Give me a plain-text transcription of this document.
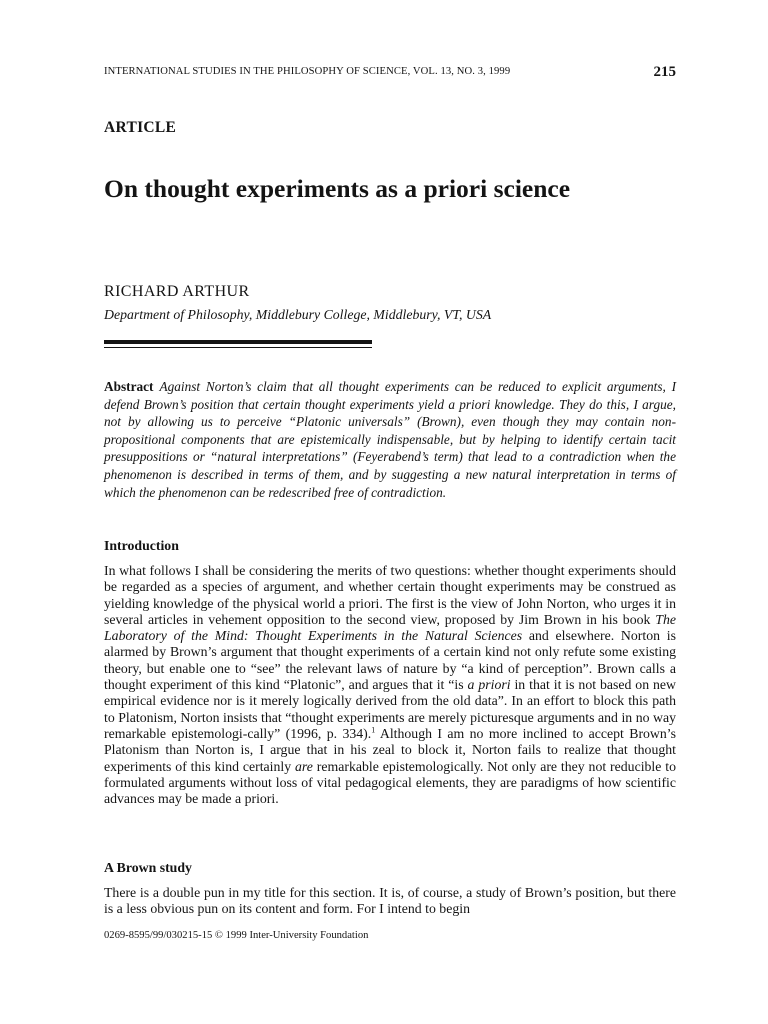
INTERNATIONAL STUDIES IN THE PHILOSOPHY OF SCIENCE, VOL. 13, NO. 3, 1999	215
ARTICLE
On thought experiments as a priori science
RICHARD ARTHUR
Department of Philosophy, Middlebury College, Middlebury, VT, USA

Abstract Against Norton’s claim that all thought experiments can be reduced to explicit arguments, I defend Brown’s position that certain thought experiments yield a priori knowledge. They do this, I argue, not by allowing us to perceive “Platonic universals” (Brown), even though they may contain non-propositional components that are epistemically indispensable, but by helping to identify certain tacit presuppositions or “natural interpretations” (Feyerabend’s term) that lead to a contradiction when the phenomenon is described in terms of them, and by suggesting a new natural interpretation in terms of which the phenomenon can be redescribed free of contradiction.

Introduction

In what follows I shall be considering the merits of two questions: whether thought experiments should be regarded as a species of argument, and whether certain thought experiments may be construed as yielding knowledge of the physical world a priori. The first is the view of John Norton, who urges it in several articles in vehement opposition to the second view, proposed by Jim Brown in his book The Laboratory of the Mind: Thought Experiments in the Natural Sciences and elsewhere. Norton is alarmed by Brown’s argument that thought experiments of a certain kind not only refute some existing theory, but enable one to “see” the relevant laws of nature by “a kind of perception”. Brown calls a thought experiment of this kind “Platonic”, and argues that it “is a priori in that it is not based on new empirical evidence nor is it merely logically derived from the old data”. In an effort to block this path to Platonism, Norton insists that “thought experiments are merely picturesque arguments and in no way remarkable epistemologi-cally” (1996, p. 334).$^1$ Although I am no more inclined to accept Brown’s Platonism than Norton is, I argue that in his zeal to block it, Norton fails to realize that thought experiments of this kind certainly are remarkable epistemologically. Not only are they not reducible to formulated arguments without loss of vital pedagogical elements, they are paradigms of how scientific advances may be made a priori.

A Brown study

There is a double pun in my title for this section. It is, of course, a study of Brown’s position, but there is a less obvious pun on its content and form. For I intend to begin

0269-8595/99/030215-15 © 1999 Inter-University Foundation
